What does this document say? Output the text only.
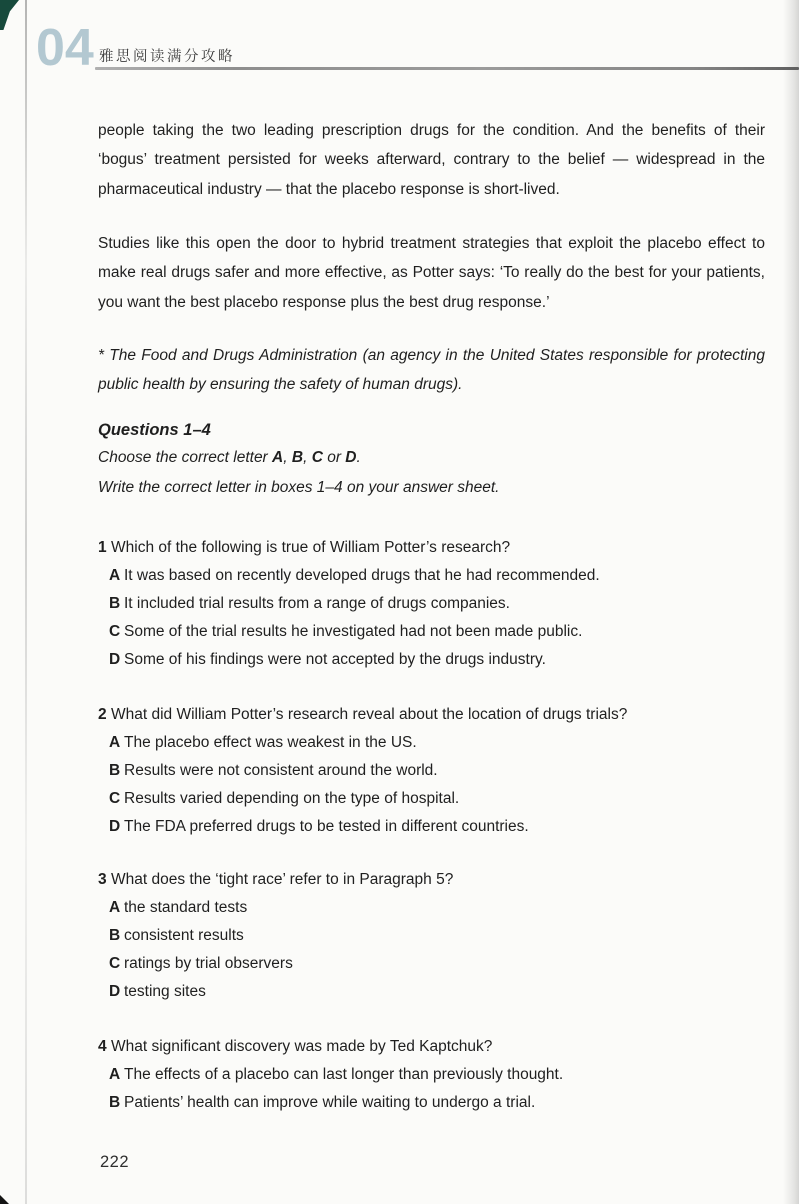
04 雅思阅读满分攻略

people taking the two leading prescription drugs for the condition. And the benefits of their ‘bogus’ treatment persisted for weeks afterward, contrary to the belief — widespread in the pharmaceutical industry — that the placebo response is short-lived.

Studies like this open the door to hybrid treatment strategies that exploit the placebo effect to make real drugs safer and more effective, as Potter says: ‘To really do the best for your patients, you want the best placebo response plus the best drug response.’

* The Food and Drugs Administration (an agency in the United States responsible for protecting public health by ensuring the safety of human drugs).

Questions 1–4
Choose the correct letter A, B, C or D.
Write the correct letter in boxes 1–4 on your answer sheet.
1 Which of the following is true of William Potter’s research?
A It was based on recently developed drugs that he had recommended.
B It included trial results from a range of drugs companies.
C Some of the trial results he investigated had not been made public.
D Some of his findings were not accepted by the drugs industry.
2 What did William Potter’s research reveal about the location of drugs trials?
A The placebo effect was weakest in the US.
B Results were not consistent around the world.
C Results varied depending on the type of hospital.
D The FDA preferred drugs to be tested in different countries.
3 What does the ‘tight race’ refer to in Paragraph 5?
A the standard tests
B consistent results
C ratings by trial observers
D testing sites
4 What significant discovery was made by Ted Kaptchuk?
A The effects of a placebo can last longer than previously thought.
B Patients’ health can improve while waiting to undergo a trial.
222
